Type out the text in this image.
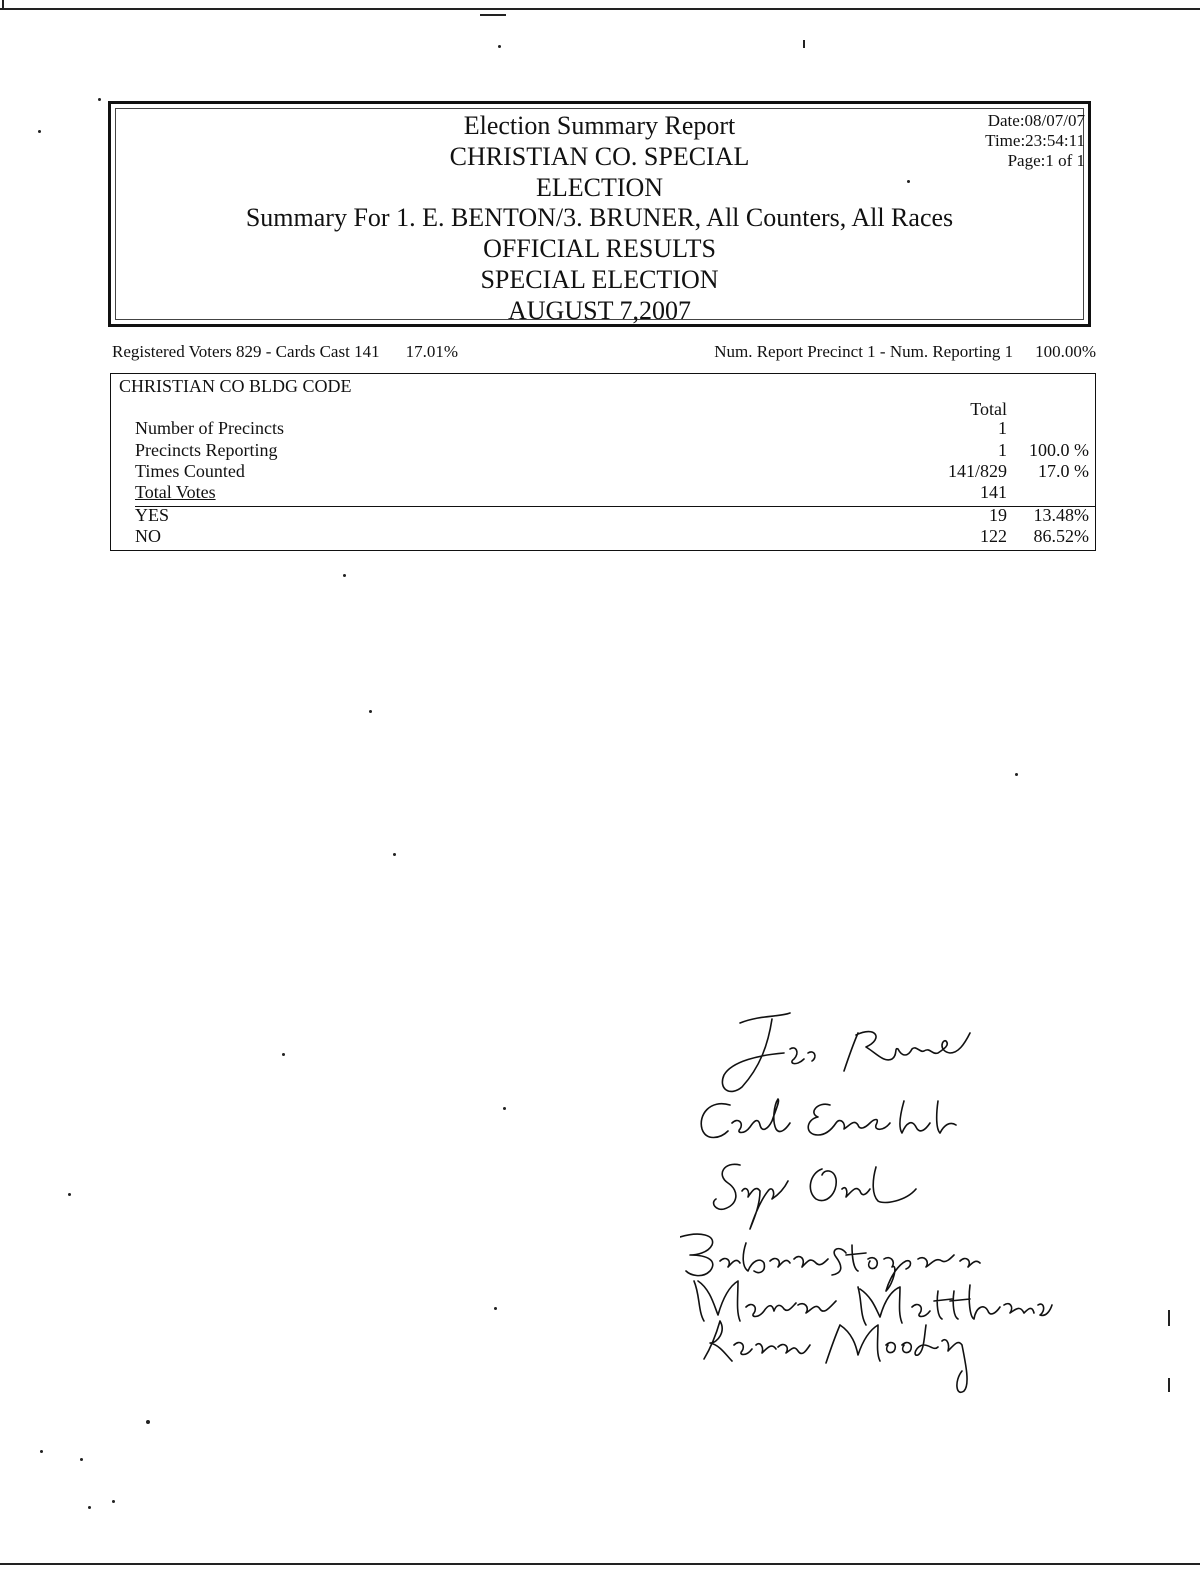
Election Summary Report
CHRISTIAN CO. SPECIAL
ELECTION
Summary For 1. E. BENTON/3. BRUNER, All Counters, All Races
OFFICIAL RESULTS
SPECIAL ELECTION
AUGUST 7,2007
Date:08/07/07
Time:23:54:11
Page:1 of 1
Registered Voters 829 - Cards Cast 141 17.01%	Num. Report Precinct 1 - Num. Reporting 1 100.00%
CHRISTIAN CO BLDG CODE
Total
Number of Precincts	1
Precincts Reporting	1 100.0 %
Times Counted	141/829 17.0 %
Total Votes	141
YES	19 13.48%
NO	122 86.52%
